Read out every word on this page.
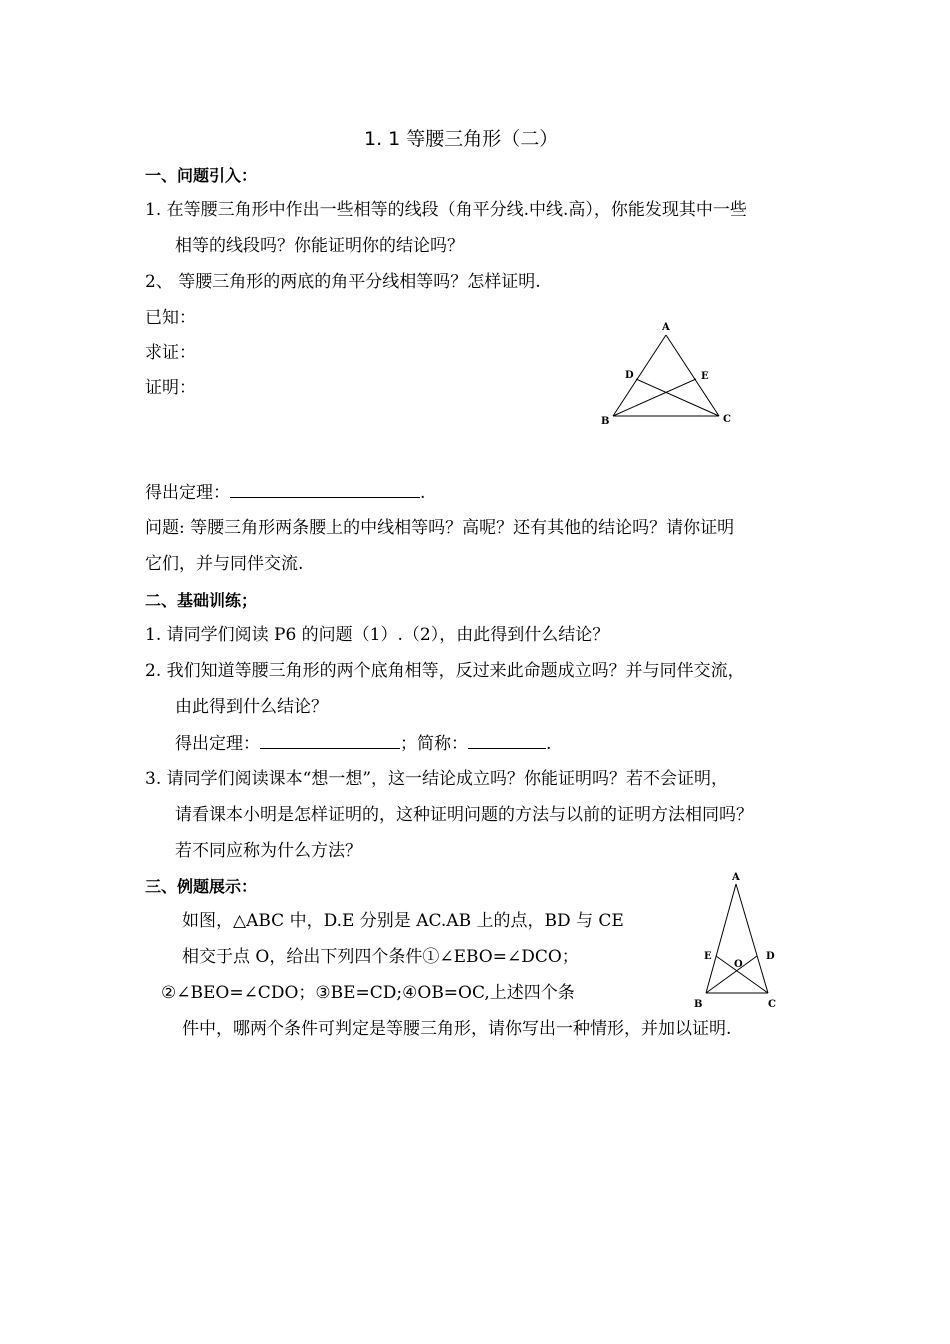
1. 1 等腰三角形（二）
一、问题引入：
1. 在等腰三角形中作出一些相等的线段（角平分线.中线.高），你能发现其中一些
相等的线段吗？你能证明你的结论吗？
2、 等腰三角形的两底的角平分线相等吗？怎样证明.
已知：
求证：
证明：
A
B	C
D	E
得出定理：	.
问题: 等腰三角形两条腰上的中线相等吗？高呢？还有其他的结论吗？请你证明
它们，并与同伴交流.
二、基础训练；
1. 请同学们阅读 P6 的问题（1）.（2），由此得到什么结论？
2. 我们知道等腰三角形的两个底角相等，反过来此命题成立吗？并与同伴交流，
由此得到什么结论？
得出定理：	；简称：	.
3. 请同学们阅读课本“想一想”，这一结论成立吗？你能证明吗？若不会证明，
请看课本小明是怎样证明的，这种证明问题的方法与以前的证明方法相同吗？
若不同应称为什么方法？
三、例题展示：
如图，△ABC 中，D.E 分别是 AC.AB 上的点，BD 与 CE
相交于点 O，给出下列四个条件①∠EBO=∠DCO；
②∠BEO=∠CDO；③BE=CD;④OB=OC,上述四个条
件中，哪两个条件可判定是等腰三角形，请你写出一种情形，并加以证明.
A
B	C
D
E
O
